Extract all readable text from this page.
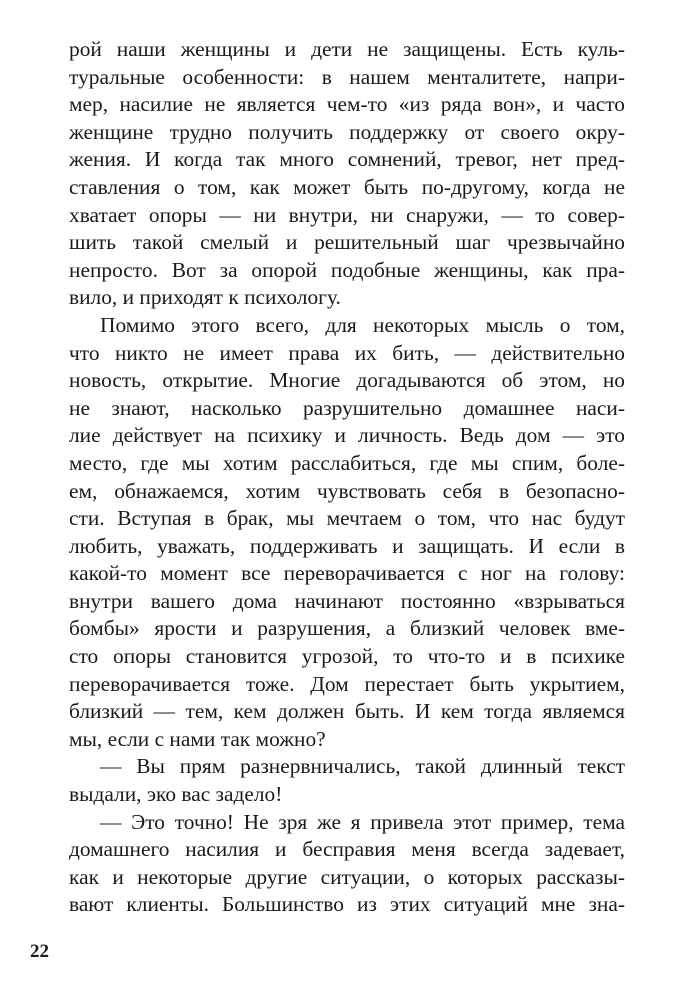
рой наши женщины и дети не защищены. Есть куль-
туральные особенности: в нашем менталитете, напри-
мер, насилие не является чем-то «из ряда вон», и часто
женщине трудно получить поддержку от своего окру-
жения. И когда так много сомнений, тревог, нет пред-
ставления о том, как может быть по-другому, когда не
хватает опоры — ни внутри, ни снаружи, — то совер-
шить такой смелый и решительный шаг чрезвычайно
непросто. Вот за опорой подобные женщины, как пра-
вило, и приходят к психологу.
Помимо этого всего, для некоторых мысль о том,
что никто не имеет права их бить, — действительно
новость, открытие. Многие догадываются об этом, но
не знают, насколько разрушительно домашнее наси-
лие действует на психику и личность. Ведь дом — это
место, где мы хотим расслабиться, где мы спим, боле-
ем, обнажаемся, хотим чувствовать себя в безопасно-
сти. Вступая в брак, мы мечтаем о том, что нас будут
любить, уважать, поддерживать и защищать. И если в
какой-то момент все переворачивается с ног на голову:
внутри вашего дома начинают постоянно «взрываться
бомбы» ярости и разрушения, а близкий человек вме-
сто опоры становится угрозой, то что-то и в психике
переворачивается тоже. Дом перестает быть укрытием,
близкий — тем, кем должен быть. И кем тогда являемся
мы, если с нами так можно?
— Вы прям разнервничались, такой длинный текст
выдали, эко вас задело!
— Это точно! Не зря же я привела этот пример, тема
домашнего насилия и бесправия меня всегда задевает,
как и некоторые другие ситуации, о которых рассказы-
вают клиенты. Большинство из этих ситуаций мне зна-
22
